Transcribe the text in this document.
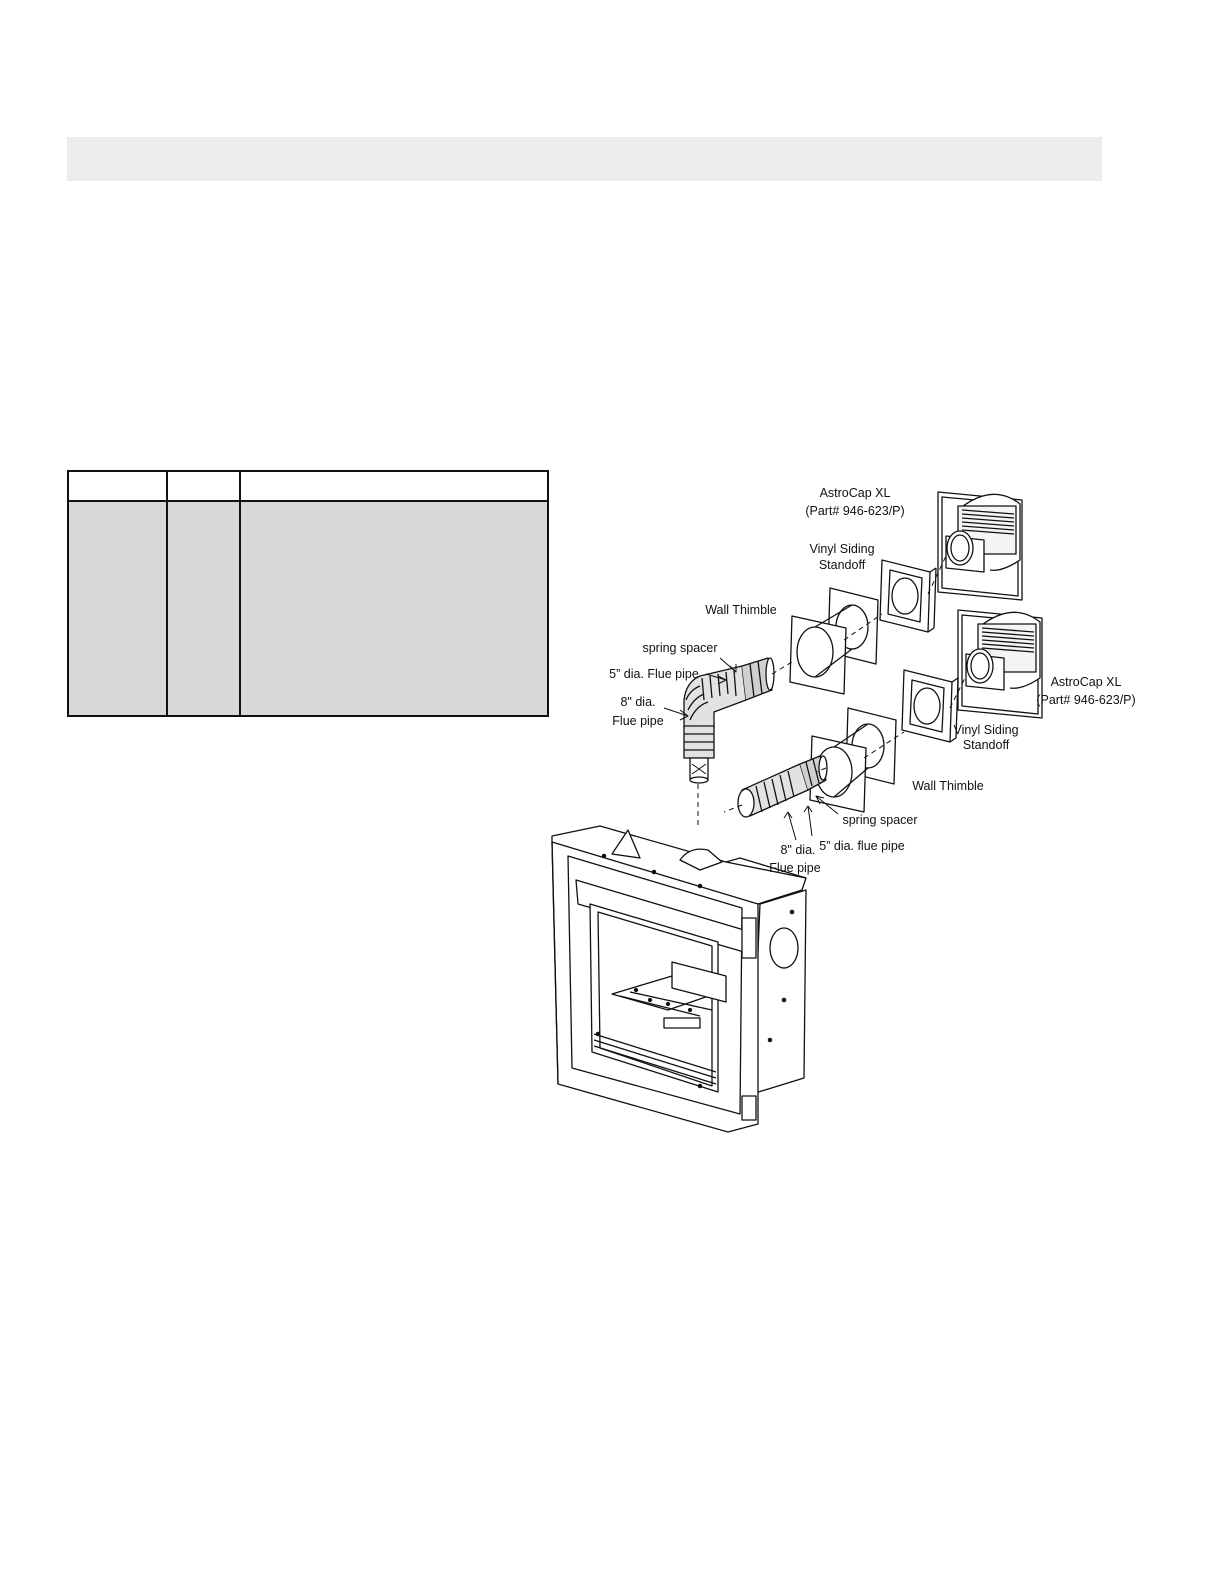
AstroCap XL
(Part# 946-623/P)
Vinyl Siding
Standoff
Wall Thimble
spring spacer
5” dia. Flue pipe
8" dia.
Flue pipe
AstroCap XL
(Part# 946-623/P)
Vinyl Siding
Standoff
Wall Thimble
spring spacer
8" dia.
Flue pipe
5” dia. flue pipe
